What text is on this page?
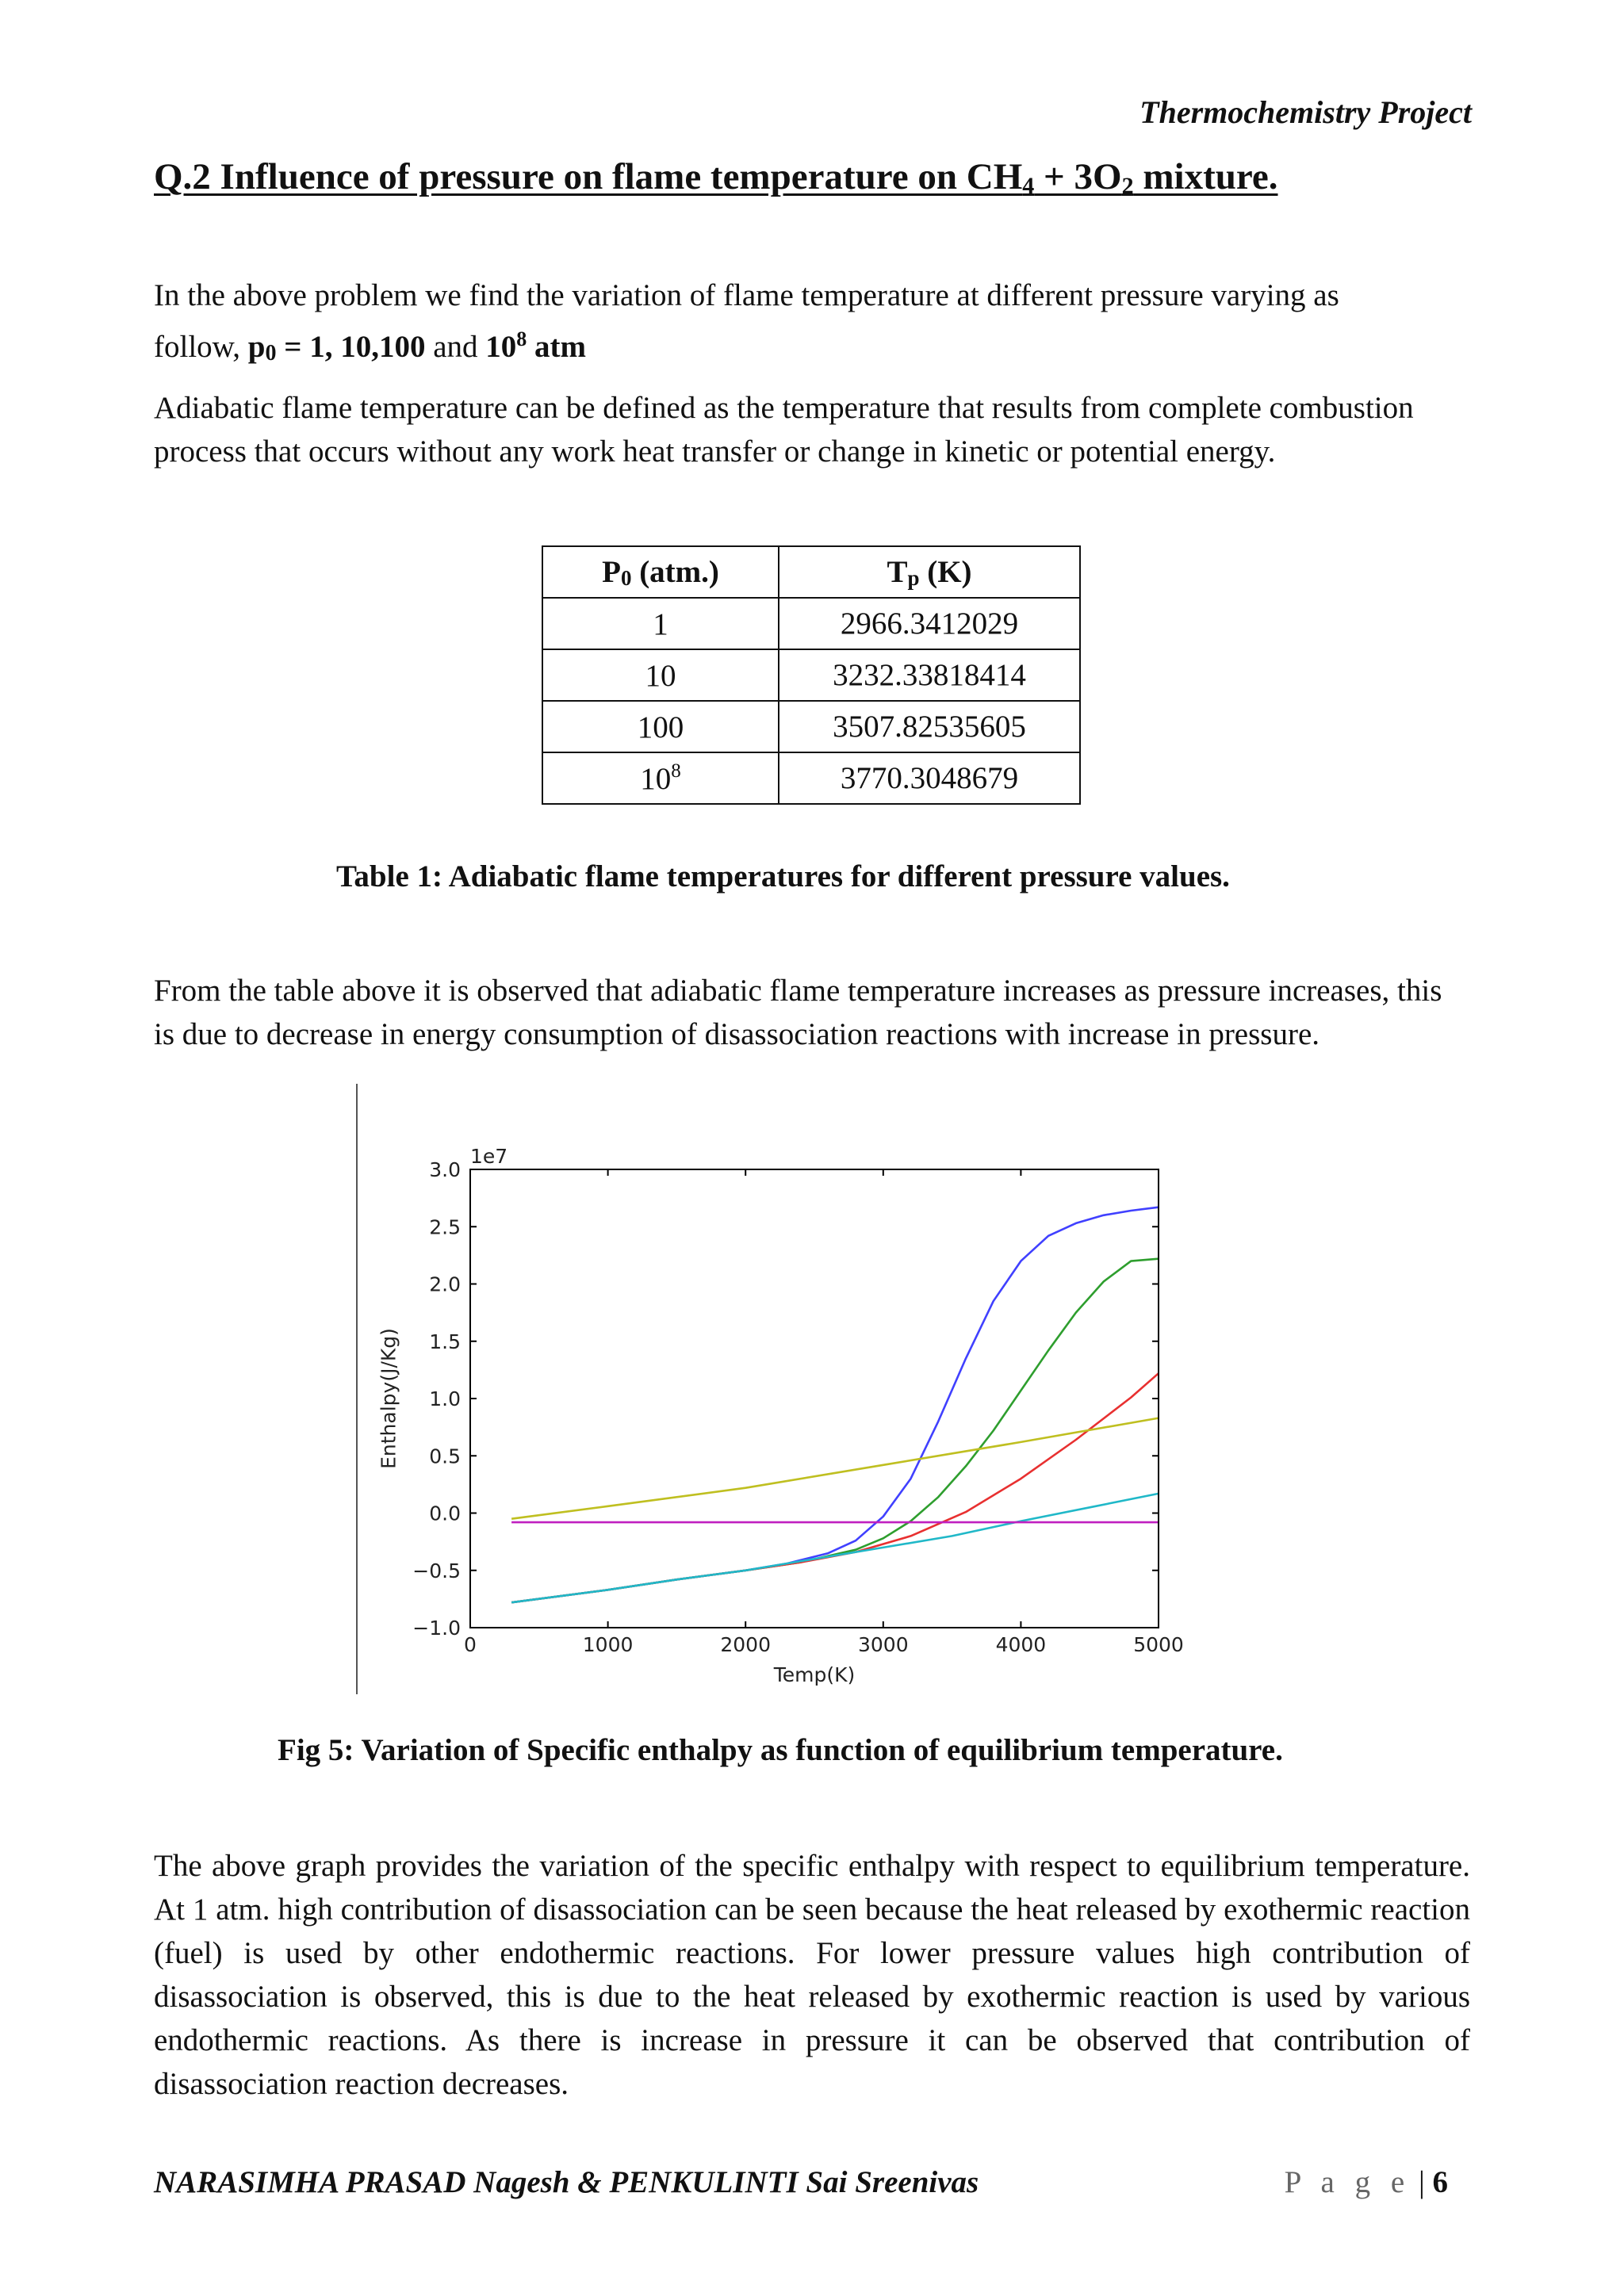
Thermochemistry Project
Q.2 Influence of pressure on flame temperature on $CH_4 + 3O_2$ mixture.
In the above problem we find the variation of flame temperature at different pressure varying as
follow, $p_0 = 1$, 10,100 and $10^8$ atm
Adiabatic flame temperature can be defined as the temperature that results from complete combustion process that occurs without any work heat transfer or change in kinetic or potential energy.
$P_0$ (atm.)	$T_p$ (K)
1	2966.3412029
10	3232.33818414
100	3507.82535605
$10^8$	3770.3048679
Table 1: Adiabatic flame temperatures for different pressure values.
From the table above it is observed that adiabatic flame temperature increases as pressure increases, this is due to decrease in energy consumption of disassociation reactions with increase in pressure.
0	1000	2000	3000	4000	5000
−1.0
−0.5
0.0
0.5
1.0
1.5
2.0
2.5
3.0
1e7
Temp(K)
Enthalpy(J/Kg)
Fig 5: Variation of Specific enthalpy as function of equilibrium temperature.
The above graph provides the variation of the specific enthalpy with respect to equilibrium temperature. At 1 atm. high contribution of disassociation can be seen because the heat released by exothermic reaction (fuel) is used by other endothermic reactions. For lower pressure values high contribution of disassociation is observed, this is due to the heat released by exothermic reaction is used by various endothermic reactions. As there is increase in pressure it can be observed that contribution of disassociation reaction decreases.
NARASIMHA PRASAD Nagesh & PENKULINTI Sai Sreenivas	P a g e | 6
